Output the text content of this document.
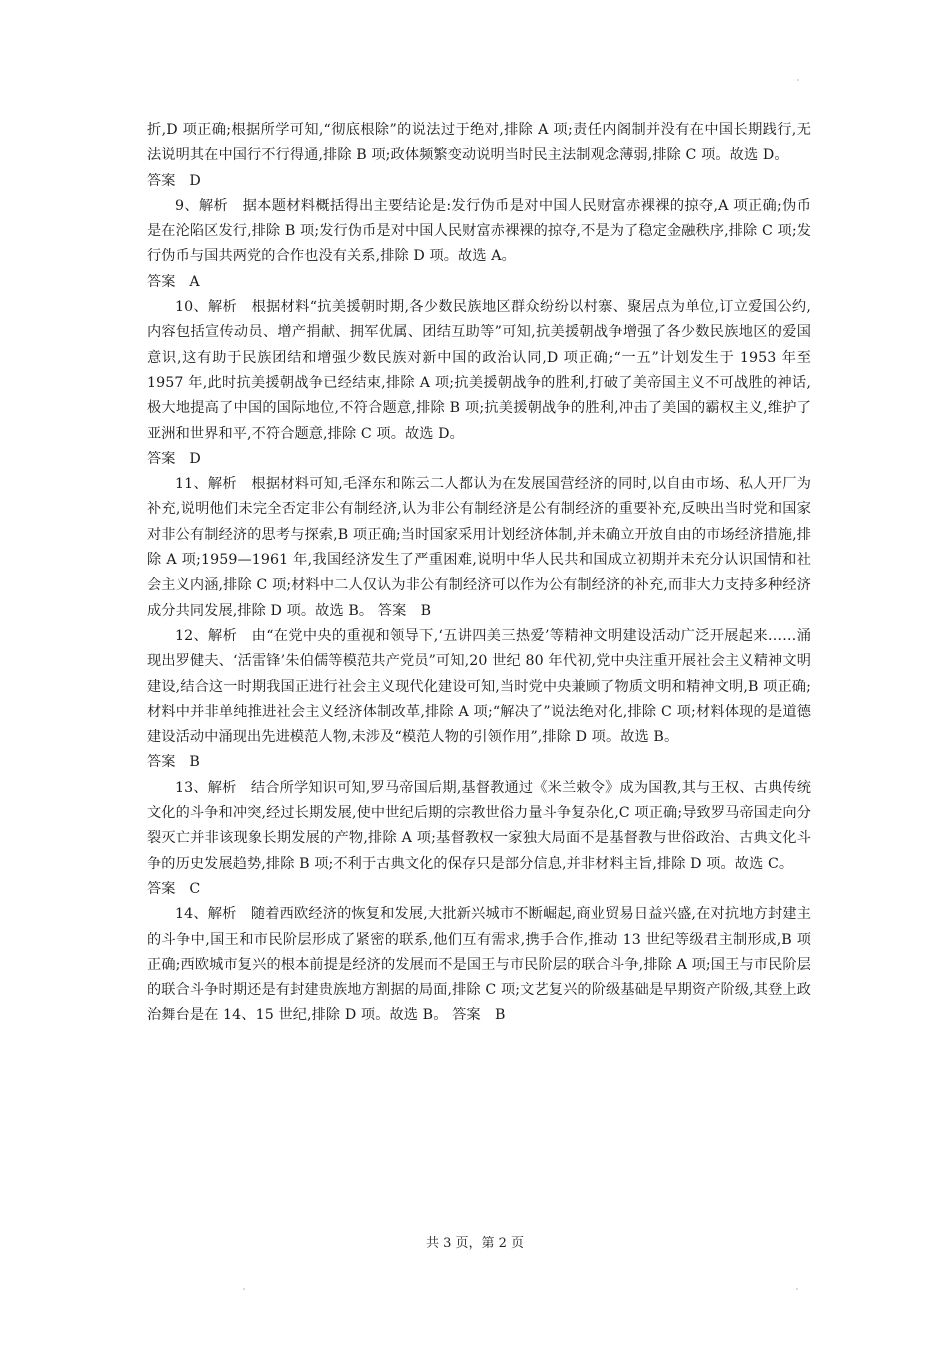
折,D 项正确;根据所学可知,“彻底根除”的说法过于绝对,排除 A 项;责任内阁制并没有在中国长期践行,无法说明其在中国行不行得通,排除 B 项;政体频繁变动说明当时民主法制观念薄弱,排除 C 项。故选 D。

答案 D

9、解析　据本题材料概括得出主要结论是:发行伪币是对中国人民财富赤裸裸的掠夺,A 项正确;伪币是在沦陷区发行,排除 B 项;发行伪币是对中国人民财富赤裸裸的掠夺,不是为了稳定金融秩序,排除 C 项;发行伪币与国共两党的合作也没有关系,排除 D 项。故选 A。

答案 A

10、解析　根据材料“抗美援朝时期,各少数民族地区群众纷纷以村寨、聚居点为单位,订立爱国公约,内容包括宣传动员、增产捐献、拥军优属、团结互助等”可知,抗美援朝战争增强了各少数民族地区的爱国意识,这有助于民族团结和增强少数民族对新中国的政治认同,D 项正确;“一五”计划发生于 1953 年至 1957 年,此时抗美援朝战争已经结束,排除 A 项;抗美援朝战争的胜利,打破了美帝国主义不可战胜的神话,极大地提高了中国的国际地位,不符合题意,排除 B 项;抗美援朝战争的胜利,冲击了美国的霸权主义,维护了亚洲和世界和平,不符合题意,排除 C 项。故选 D。

答案 D

11、解析　根据材料可知,毛泽东和陈云二人都认为在发展国营经济的同时,以自由市场、私人开厂为补充,说明他们未完全否定非公有制经济,认为非公有制经济是公有制经济的重要补充,反映出当时党和国家对非公有制经济的思考与探索,B 项正确;当时国家采用计划经济体制,并未确立开放自由的市场经济措施,排除 A 项;1959—1961 年,我国经济发生了严重困难,说明中华人民共和国成立初期并未充分认识国情和社会主义内涵,排除 C 项;材料中二人仅认为非公有制经济可以作为公有制经济的补充,而非大力支持多种经济成分共同发展,排除 D 项。故选 B。 答案　B

12、解析　由“在党中央的重视和领导下,‘五讲四美三热爱’等精神文明建设活动广泛开展起来……涌现出罗健夫、‘活雷锋’朱伯儒等模范共产党员”可知,20 世纪 80 年代初,党中央注重开展社会主义精神文明建设,结合这一时期我国正进行社会主义现代化建设可知,当时党中央兼顾了物质文明和精神文明,B 项正确;材料中并非单纯推进社会主义经济体制改革,排除 A 项;“解决了”说法绝对化,排除 C 项;材料体现的是道德建设活动中涌现出先进模范人物,未涉及“模范人物的引领作用”,排除 D 项。故选 B。

答案 B

13、解析　结合所学知识可知,罗马帝国后期,基督教通过《米兰敕令》成为国教,其与王权、古典传统文化的斗争和冲突,经过长期发展,使中世纪后期的宗教世俗力量斗争复杂化,C 项正确;导致罗马帝国走向分裂灭亡并非该现象长期发展的产物,排除 A 项;基督教权一家独大局面不是基督教与世俗政治、古典文化斗争的历史发展趋势,排除 B 项;不利于古典文化的保存只是部分信息,并非材料主旨,排除 D 项。故选 C。

答案 C

14、解析　随着西欧经济的恢复和发展,大批新兴城市不断崛起,商业贸易日益兴盛,在对抗地方封建主的斗争中,国王和市民阶层形成了紧密的联系,他们互有需求,携手合作,推动 13 世纪等级君主制形成,B 项正确;西欧城市复兴的根本前提是经济的发展而不是国王与市民阶层的联合斗争,排除 A 项;国王与市民阶层的联合斗争时期还是有封建贵族地方割据的局面,排除 C 项;文艺复兴的阶级基础是早期资产阶级,其登上政治舞台是在 14、15 世纪,排除 D 项。故选 B。 答案　B

共 3 页，第 2 页
